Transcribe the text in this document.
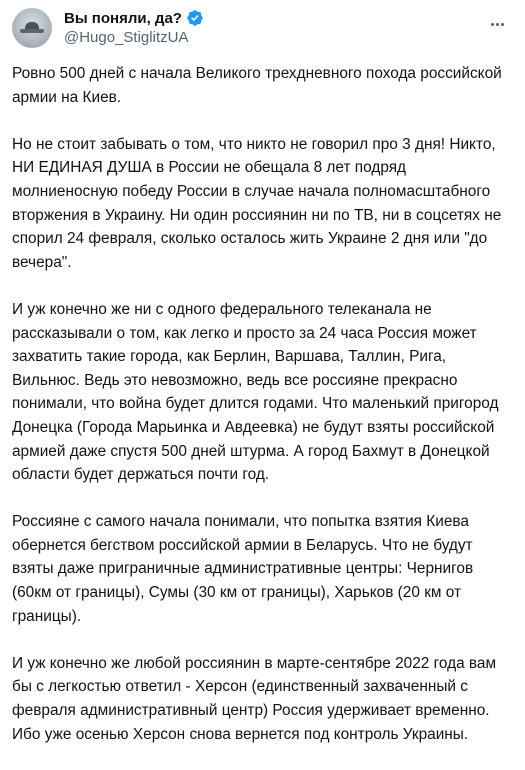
Вы поняли, да?
@Hugo_StiglitzUA

Ровно 500 дней с начала Великого трехдневного похода российской армии на Киев.

Но не стоит забывать о том, что никто не говорил про 3 дня! Никто, НИ ЕДИНАЯ ДУША в России не обещала 8 лет подряд молниеносную победу России в случае начала полномасштабного вторжения в Украину. Ни один россиянин ни по ТВ, ни в соцсетях не спорил 24 февраля, сколько осталось жить Украине 2 дня или "до вечера".

И уж конечно же ни с одного федерального телеканала не рассказывали о том, как легко и просто за 24 часа Россия может захватить такие города, как Берлин, Варшава, Таллин, Рига, Вильнюс. Ведь это невозможно, ведь все россияне прекрасно понимали, что война будет длится годами. Что маленький пригород Донецка (Города Марьинка и Авдеевка) не будут взяты российской армией даже спустя 500 дней штурма. А город Бахмут в Донецкой области будет держаться почти год.

Россияне с самого начала понимали, что попытка взятия Киева обернется бегством российской армии в Беларусь. Что не будут взяты даже приграничные административные центры: Чернигов (60км от границы), Сумы (30 км от границы), Харьков (20 км от границы).

И уж конечно же любой россиянин в марте-сентябре 2022 года вам бы с легкостью ответил - Херсон (единственный захваченный с февраля административный центр) Россия удерживает временно. Ибо уже осенью Херсон снова вернется под контроль Украины.
